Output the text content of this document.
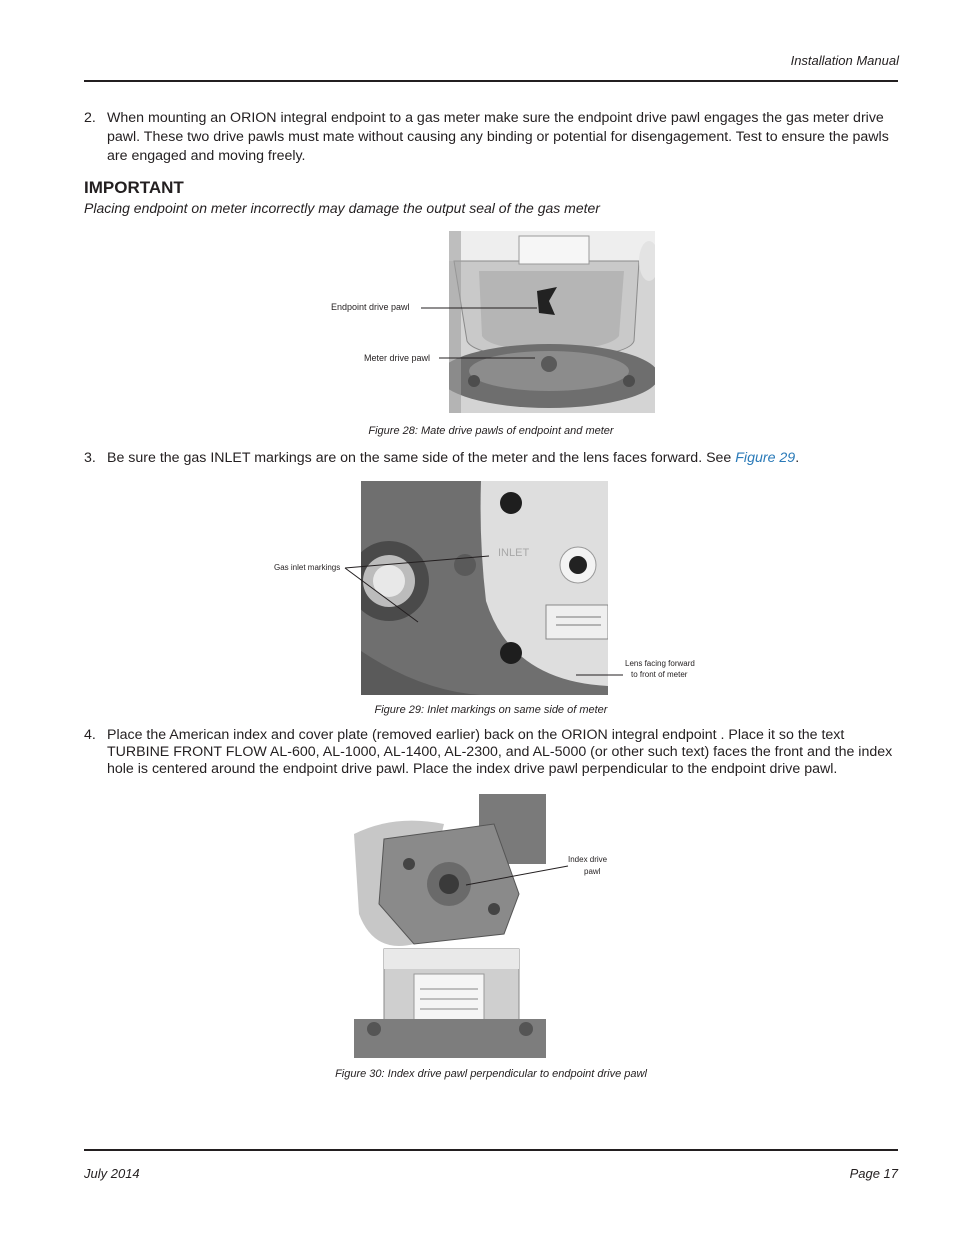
Installation Manual
2. When mounting an ORION integral endpoint to a gas meter make sure the endpoint drive pawl engages the gas meter drive pawl. These two drive pawls must mate without causing any binding or potential for disengagement. Test to ensure the pawls are engaged and moving freely.
IMPORTANT
Placing endpoint on meter incorrectly may damage the output seal of the gas meter
Endpoint drive pawl
Meter drive pawl
Figure 28: Mate drive pawls of endpoint and meter
3. Be sure the gas INLET markings are on the same side of the meter and the lens faces forward. See Figure 29.
INLET
Gas inlet markings
Lens facing forward
to front of meter
Figure 29: Inlet markings on same side of meter
4. Place the American index and cover plate (removed earlier) back on the ORION integral endpoint . Place it so the text TURBINE FRONT FLOW AL-600, AL-1000, AL-1400, AL-2300, and AL-5000 (or other such text) faces the front and the index hole is centered around the endpoint drive pawl. Place the index drive pawl perpendicular to the endpoint drive pawl.
Index drive
pawl
Figure 30: Index drive pawl perpendicular to endpoint drive pawl
July 2014	Page 17
